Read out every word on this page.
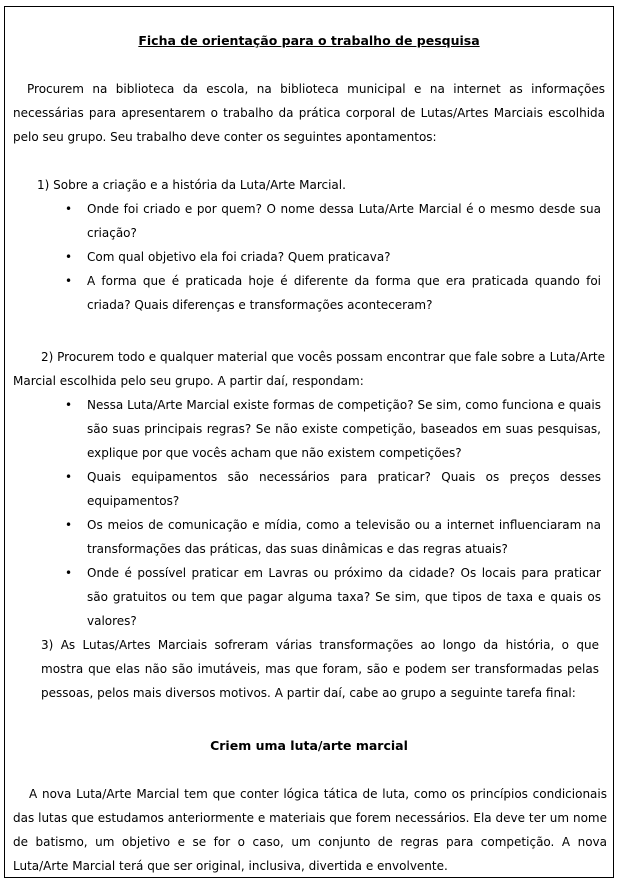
Ficha de orientação para o trabalho de pesquisa
Procurem na biblioteca da escola, na biblioteca municipal e na internet as informações necessárias para apresentarem o trabalho da prática corporal de Lutas/Artes Marciais escolhida pelo seu grupo. Seu trabalho deve conter os seguintes apontamentos:
1) Sobre a criação e a história da Luta/Arte Marcial.
• Onde foi criado e por quem? O nome dessa Luta/Arte Marcial é o mesmo desde sua criação?
• Com qual objetivo ela foi criada? Quem praticava?
• A forma que é praticada hoje é diferente da forma que era praticada quando foi criada? Quais diferenças e transformações aconteceram?
2) Procurem todo e qualquer material que vocês possam encontrar que fale sobre a Luta/Arte Marcial escolhida pelo seu grupo. A partir daí, respondam:
• Nessa Luta/Arte Marcial existe formas de competição? Se sim, como funciona e quais são suas principais regras? Se não existe competição, baseados em suas pesquisas, explique por que vocês acham que não existem competições?
• Quais equipamentos são necessários para praticar? Quais os preços desses equipamentos?
• Os meios de comunicação e mídia, como a televisão ou a internet influenciaram na transformações das práticas, das suas dinâmicas e das regras atuais?
• Onde é possível praticar em Lavras ou próximo da cidade? Os locais para praticar são gratuitos ou tem que pagar alguma taxa? Se sim, que tipos de taxa e quais os valores?
3) As Lutas/Artes Marciais sofreram várias transformações ao longo da história, o que mostra que elas não são imutáveis, mas que foram, são e podem ser transformadas pelas pessoas, pelos mais diversos motivos. A partir daí, cabe ao grupo a seguinte tarefa final:
Criem uma luta/arte marcial
A nova Luta/Arte Marcial tem que conter lógica tática de luta, como os princípios condicionais das lutas que estudamos anteriormente e materiais que forem necessários. Ela deve ter um nome de batismo, um objetivo e se for o caso, um conjunto de regras para competição. A nova Luta/Arte Marcial terá que ser original, inclusiva, divertida e envolvente.
